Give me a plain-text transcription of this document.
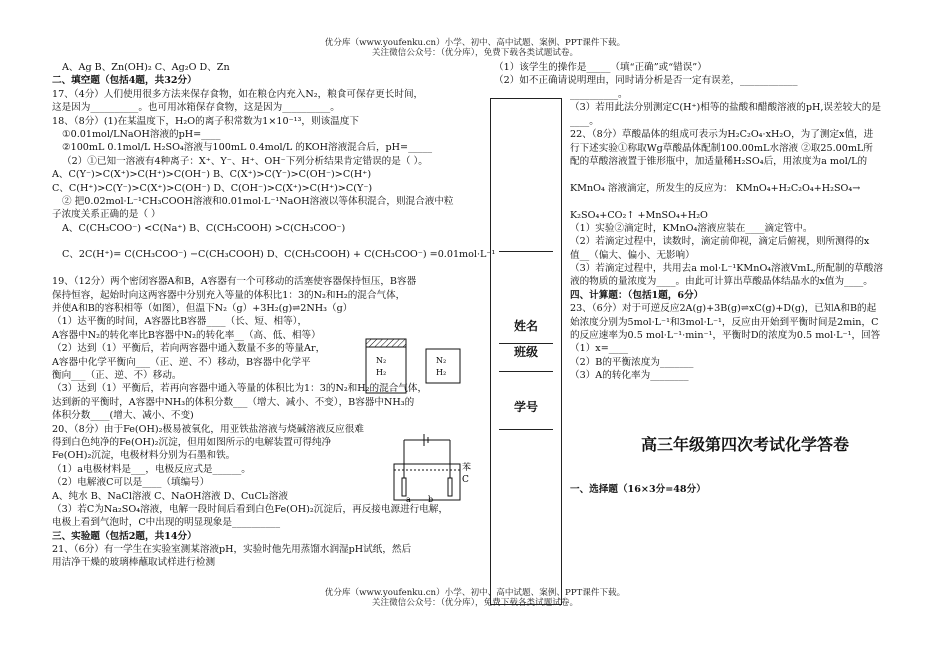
优分库（www.youfenku.cn）小学、初中、高中试题、案例、PPT课件下载。
关注微信公众号：（优分库），免费下载各类试题试卷。
A、Ag B、Zn(OH)₂ C、Ag₂O D、Zn
二、填空题（包括4题，共32分）
17、（4分）人们使用很多方法来保存食物，如在粮仓内充入N₂，粮食可保存更长时间，
这是因为__________。也可用冰箱保存食物，这是因为__________。
18、（8分）(1)在某温度下，H₂O的离子积常数为1×10⁻¹³，则该温度下
①0.01mol/LNaOH溶液的pH=____
②100mL 0.1mol/L H₂SO₄溶液与100mL 0.4mol/L 的KOH溶液混合后，pH=_____
（2）①已知一溶液有4种离子：X⁺、Y⁻、H⁺、OH⁻下列分析结果肯定错误的是（ ）。
A、C(Y⁻)>C(X⁺)>C(H⁺)>C(OH⁻) B、C(X⁺)>C(Y⁻)>C(OH⁻)>C(H⁺)
C、C(H⁺)>C(Y⁻)>C(X⁺)>C(OH⁻) D、C(OH⁻)>C(X⁺)>C(H⁺)>C(Y⁻)
② 把0.02mol·L⁻¹CH₃COOH溶液和0.01mol·L⁻¹NaOH溶液以等体积混合，则混合液中粒
子浓度关系正确的是（ ）
A、C(CH₃COO⁻) <C(Na⁺) B、C(CH₃COOH) >C(CH₃COO⁻)
C、2C(H⁺)= C(CH₃COO⁻) −C(CH₃COOH) D、C(CH₃COOH) + C(CH₃COO⁻) =0.01mol·L⁻¹
19、（12分）两个密闭容器A和B，A容器有一个可移动的活塞使容器保持恒压，B容器
保持恒容，起始时向这两容器中分别充入等量的体积比1：3的N₂和H₂的混合气体，
并使A和B的容积相等（如图），但温下N₂（g）+3H₂(g)⇌2NH₃（g）
（1）达平衡的时间，A容器比B容器____（长、短、相等），
A容器中N₂的转化率比B容器中N₂的转化率__（高、低、相等）
（2）达到（1）平衡后，若向两容器中通入数量不多的等量Ar，
A容器中化学平衡向___（正、逆、不）移动，B容器中化学平
衡向___（正、逆、不）移动。
（3）达到（1）平衡后，若再向容器中通入等量的体积比为1：3的N₂和H₂的混合气体，
达到新的平衡时，A容器中NH₃的体积分数___（增大、减小、不变），B容器中NH₃的
体积分数____(增大、减小、不变)
20、（8分）由于Fe(OH)₂极易被氧化，用亚铁盐溶液与烧碱溶液反应很难
得到白色纯净的Fe(OH)₂沉淀，但用如图所示的电解装置可得纯净
Fe(OH)₂沉淀，电极材料分别为石墨和铁。
（1）a电极材料是___，电极反应式是______。
（2）电解液C可以是____（填编号）
A、纯水 B、NaCl溶液 C、NaOH溶液 D、CuCl₂溶液
（3）若C为Na₂SO₄溶液，电解一段时间后看到白色Fe(OH)₂沉淀后，再反接电源进行电解，
电极上看到气泡时，C中出现的明显现象是__________
三、实验题（包括2题，共14分）
21、（6分）有一学生在实验室测某溶液pH，实验时他先用蒸馏水润湿pH试纸，然后
用洁净干燥的玻璃棒蘸取试样进行检测
（1）该学生的操作是_____（填“正确”或“错误”）
（2）如不正确请说明理由，同时请分析是否一定有误差，____________
姓名
班级
学号
__________。
（3）若用此法分别测定C(H⁺)相等的盐酸和醋酸溶液的pH,误差较大的是
____。
22、（8分）草酸晶体的组成可表示为H₂C₂O₄·xH₂O，为了测定x值，进
行下述实验①称取Wg草酸晶体配制100.00mL水溶液 ②取25.00mL所
配的草酸溶液置于锥形瓶中，加适量稀H₂SO₄后，用浓度为a mol/L的
KMnO₄ 溶液滴定，所发生的反应为： KMnO₄+H₂C₂O₄+H₂SO₄→
K₂SO₄+CO₂↑ +MnSO₄+H₂O
（1）实验②滴定时，KMnO₄溶液应装在____滴定管中。
（2）若滴定过程中，读数时，滴定前仰视，滴定后俯视，则所测得的x
值__（偏大、偏小、无影响）
（3）若滴定过程中，共用去a mol·L⁻¹KMnO₄溶液VmL,所配制的草酸溶
液的物质的量浓度为____。由此可计算出草酸晶体结晶水的x值为____。
四、计算题：（包括1题，6分）
23、（6分）对于可逆反应2A(g)+3B(g)⇌xC(g)+D(g)，已知A和B的起
始浓度分别为5mol·L⁻¹和3mol·L⁻¹，反应由开始到平衡时间是2min，C
的反应速率为0.5 mol·L⁻¹·min⁻¹，平衡时D的浓度为0.5 mol·L⁻¹，回答
（1）x=____
（2）B的平衡浓度为_______
（3）A的转化率为________
高三年级第四次考试化学答卷
一、选择题（16×3分=48分）
N₂
H₂
N₂
H₂
a b
苯
C
优分库（www.youfenku.cn）小学、初中、高中试题、案例、PPT课件下载。
关注微信公众号：（优分库），免费下载各类试题试卷。
